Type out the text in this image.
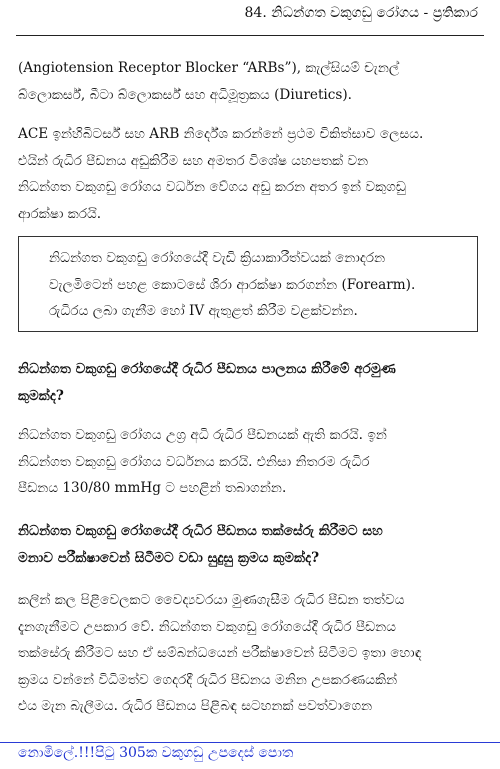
84. නිධන්ගත වකුගඩු රෝගය - ප්‍රතිකාර
(Angiotension Receptor Blocker “ARBs”), කැල්සියම් චැනල්
බ්ලොකර්ස්, බීටා බ්ලොකර්ස් සහ අධිමූත්‍රකය (Diuretics).
ACE ඉන්හිබිටර්ස් සහ ARB නිර්දේශ කරන්නේ ප්‍රථම චිකිත්සාව ලෙසය.
එයින් රුධිර පීඩනය අඩුකිරීම සහ අමතර විශේෂ යහපතක් වන
නිධන්ගත වකුගඩු රෝගය වර්ධන වේගය අඩු කරන අතර ඉන් වකුගඩු
ආරක්ෂා කරයි.
නිධන්ගත වකුගඩු රෝගයේදී වැඩි ක්‍රියාකාරීත්වයක් නොදරන
වැලමිටෙන් පහළ කොටසේ ශිරා ආරක්ෂා කරගන්න (Forearm).
රුධිරය ලබා ගැනීම හෝ IV ඇතුළත් කිරීම වළක්වන්න.
නිධන්ගත වකුගඩු රෝගයේදී රුධිර පීඩනය පාලනය කිරීමේ අරමුණ
කුමක්ද?
නිධන්ගත වකුගඩු රෝගය උග්‍ර අධි රුධිර පීඩනයක් ඇති කරයි. ඉන්
නිධන්ගත වකුගඩු රෝගය වර්ධනය කරයි. එනිසා නිතරම රුධිර
පීඩනය 130/80 mmHg ට පහළින් තබාගන්න.
නිධන්ගත වකුගඩු රෝගයේදී රුධිර පීඩනය තක්සේරු කිරීමට සහ
මනාව පරීක්ෂාවෙන් සිටීමට වඩා සුදුසු ක්‍රමය කුමක්ද?
කලින් කල පිළිවෙලකට වෛද්‍යවරයා මුණගැසීම රුධිර පීඩන තත්වය
දැනගැනීමට උපකාර වේ. නිධන්ගත වකුගඩු රෝගයේදී රුධිර පීඩනය
තක්සේරු කිරීමට සහ ඒ සම්බන්ධයෙන් පරීක්ෂාවෙන් සිටීමට ඉතා හොඳ
ක්‍රමය වන්නේ විධිමත්ව ගෙදරදී රුධිර පීඩනය මනින උපකරණයකින්
එය මැන බැලීමය. රුධිර පීඩනය පිළිබඳ සටහනක් පවත්වාගෙන
නොමිලේ.!!!පිටු 305ක වකුගඩු උපදෙස් පොත
